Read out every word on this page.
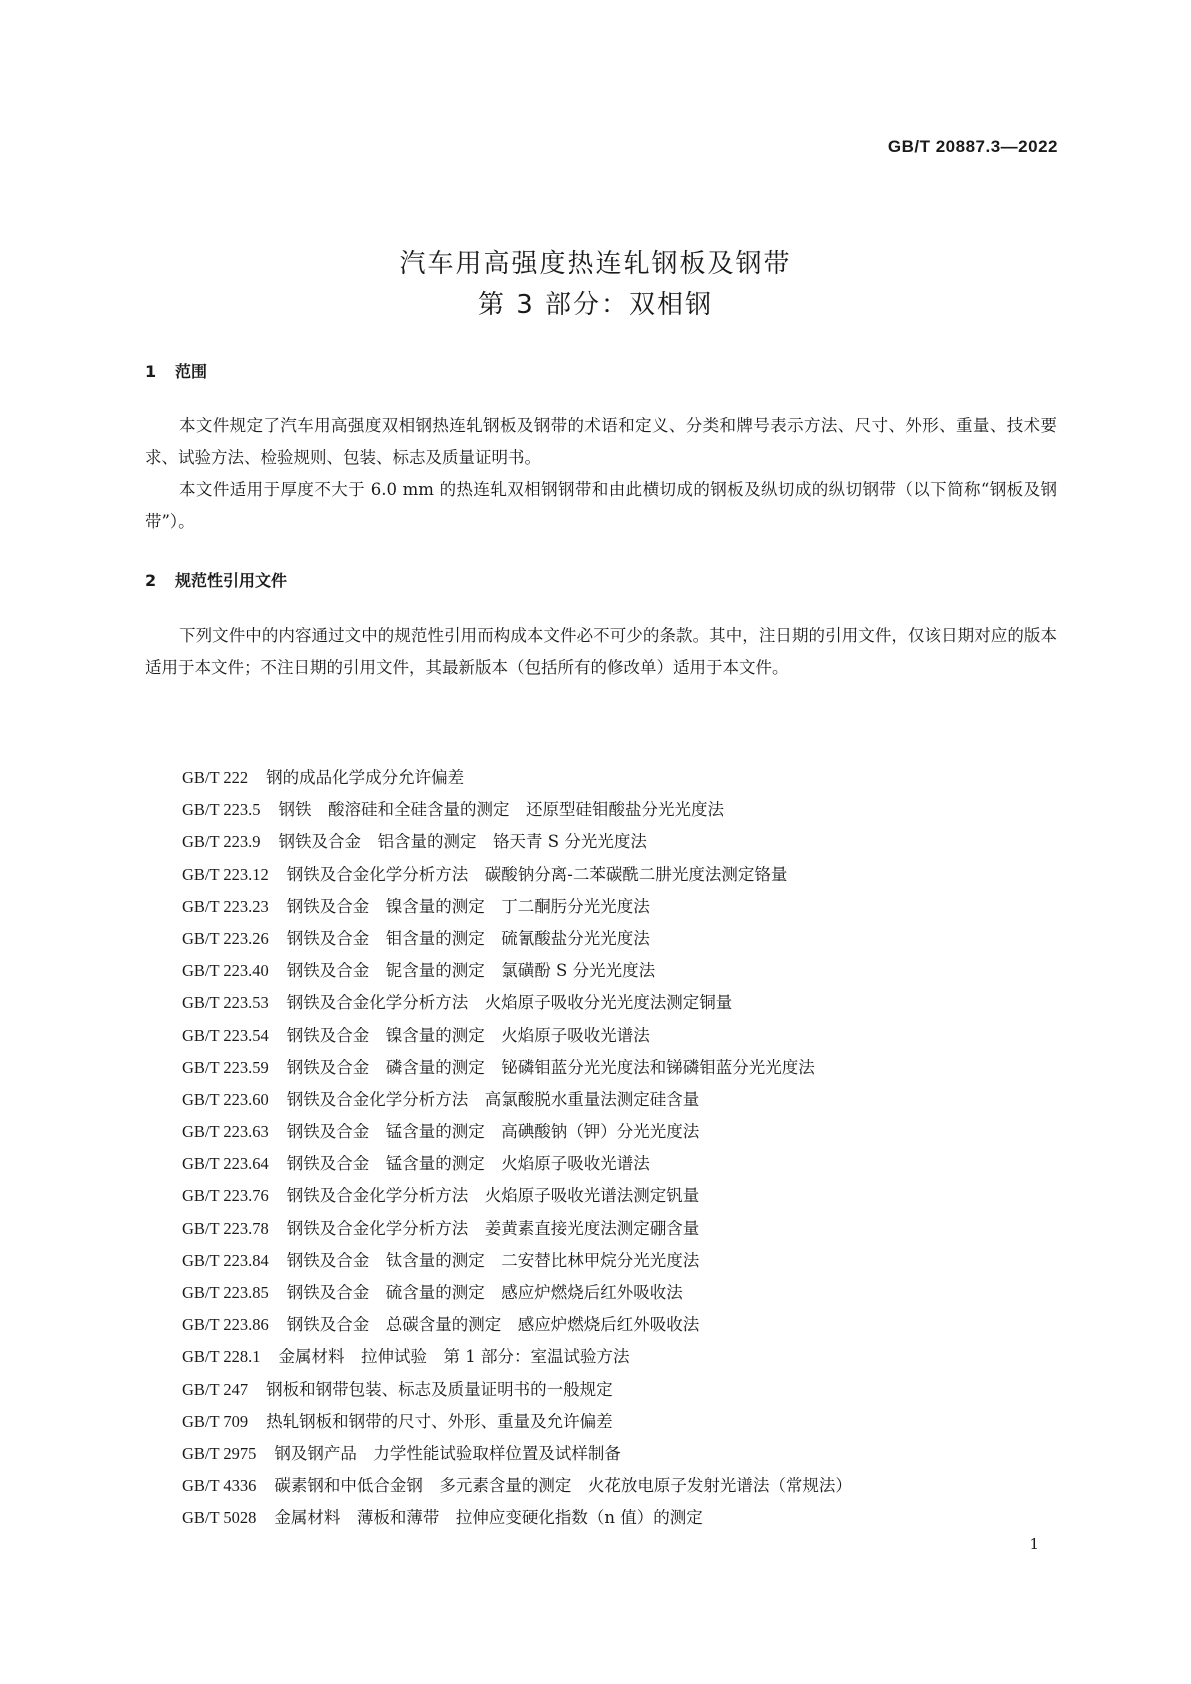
GB/T 20887.3—2022
汽车用高强度热连轧钢板及钢带
第 3 部分：双相钢
1 范围
本文件规定了汽车用高强度双相钢热连轧钢板及钢带的术语和定义、分类和牌号表示方法、尺寸、外形、重量、技术要求、试验方法、检验规则、包装、标志及质量证明书。
本文件适用于厚度不大于 6.0 mm 的热连轧双相钢钢带和由此横切成的钢板及纵切成的纵切钢带（以下简称“钢板及钢带”）。
2 规范性引用文件
下列文件中的内容通过文中的规范性引用而构成本文件必不可少的条款。其中，注日期的引用文件，仅该日期对应的版本适用于本文件；不注日期的引用文件，其最新版本（包括所有的修改单）适用于本文件。
GB/T 222 钢的成品化学成分允许偏差
GB/T 223.5 钢铁　酸溶硅和全硅含量的测定　还原型硅钼酸盐分光光度法
GB/T 223.9 钢铁及合金　铝含量的测定　铬天青 S 分光光度法
GB/T 223.12 钢铁及合金化学分析方法　碳酸钠分离-二苯碳酰二肼光度法测定铬量
GB/T 223.23 钢铁及合金　镍含量的测定　丁二酮肟分光光度法
GB/T 223.26 钢铁及合金　钼含量的测定　硫氰酸盐分光光度法
GB/T 223.40 钢铁及合金　铌含量的测定　氯磺酚 S 分光光度法
GB/T 223.53 钢铁及合金化学分析方法　火焰原子吸收分光光度法测定铜量
GB/T 223.54 钢铁及合金　镍含量的测定　火焰原子吸收光谱法
GB/T 223.59 钢铁及合金　磷含量的测定　铋磷钼蓝分光光度法和锑磷钼蓝分光光度法
GB/T 223.60 钢铁及合金化学分析方法　高氯酸脱水重量法测定硅含量
GB/T 223.63 钢铁及合金　锰含量的测定　高碘酸钠（钾）分光光度法
GB/T 223.64 钢铁及合金　锰含量的测定　火焰原子吸收光谱法
GB/T 223.76 钢铁及合金化学分析方法　火焰原子吸收光谱法测定钒量
GB/T 223.78 钢铁及合金化学分析方法　姜黄素直接光度法测定硼含量
GB/T 223.84 钢铁及合金　钛含量的测定　二安替比林甲烷分光光度法
GB/T 223.85 钢铁及合金　硫含量的测定　感应炉燃烧后红外吸收法
GB/T 223.86 钢铁及合金　总碳含量的测定　感应炉燃烧后红外吸收法
GB/T 228.1 金属材料　拉伸试验　第 1 部分：室温试验方法
GB/T 247 钢板和钢带包装、标志及质量证明书的一般规定
GB/T 709 热轧钢板和钢带的尺寸、外形、重量及允许偏差
GB/T 2975 钢及钢产品　力学性能试验取样位置及试样制备
GB/T 4336 碳素钢和中低合金钢　多元素含量的测定　火花放电原子发射光谱法（常规法）
GB/T 5028 金属材料　薄板和薄带　拉伸应变硬化指数（n 值）的测定
1
